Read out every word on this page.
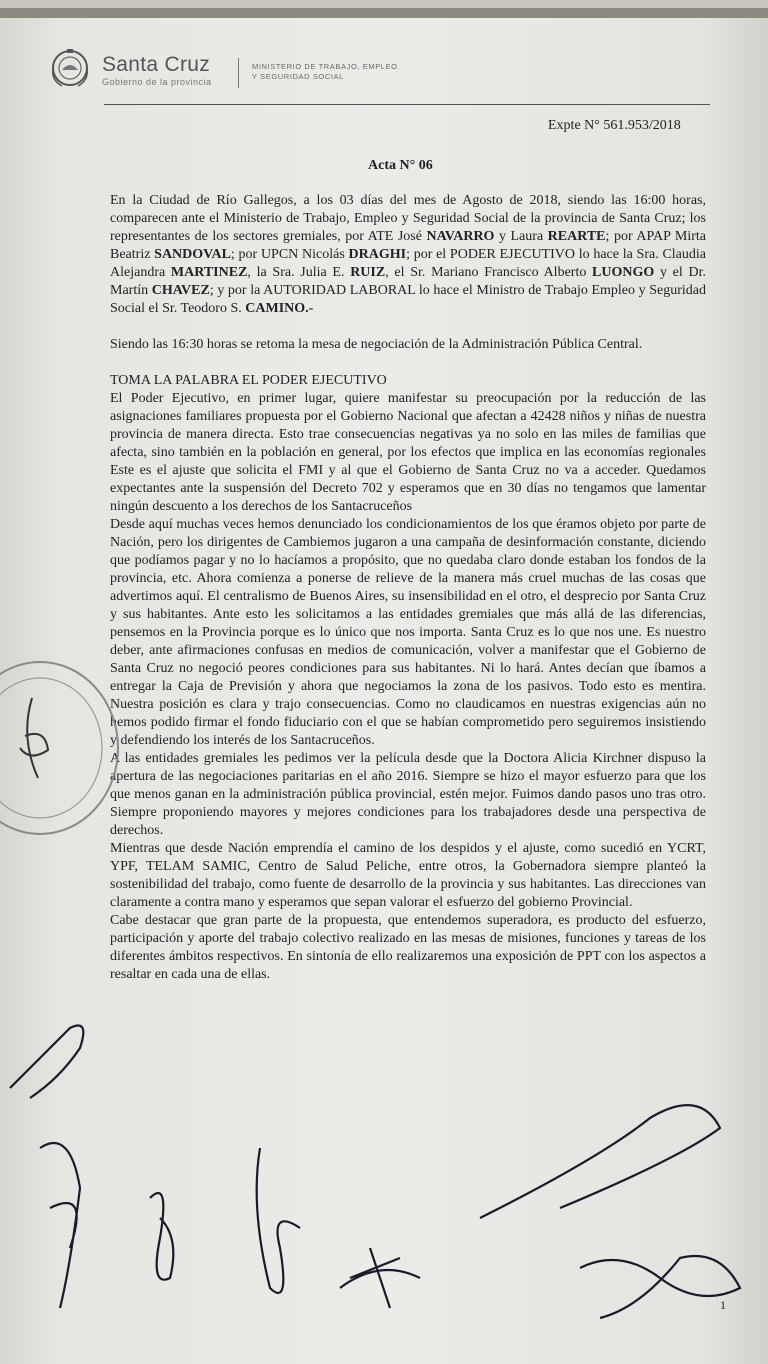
Santa Cruz
Gobierno de la provincia
MINISTERIO DE TRABAJO, EMPLEO
Y SEGURIDAD SOCIAL
Expte N° 561.953/2018
Acta N° 06

En la Ciudad de Río Gallegos, a los 03 días del mes de Agosto de 2018, siendo las 16:00 horas, comparecen ante el Ministerio de Trabajo, Empleo y Seguridad Social de la provincia de Santa Cruz; los representantes de los sectores gremiales, por ATE José NAVARRO y Laura REARTE; por APAP Mirta Beatriz SANDOVAL; por UPCN Nicolás DRAGHI; por el PODER EJECUTIVO lo hace la Sra. Claudia Alejandra MARTINEZ, la Sra. Julia E. RUIZ, el Sr. Mariano Francisco Alberto LUONGO y el Dr. Martín CHAVEZ; y por la AUTORIDAD LABORAL lo hace el Ministro de Trabajo Empleo y Seguridad Social el Sr. Teodoro S. CAMINO.-

Siendo las 16:30 horas se retoma la mesa de negociación de la Administración Pública Central.

TOMA LA PALABRA EL PODER EJECUTIVO

El Poder Ejecutivo, en primer lugar, quiere manifestar su preocupación por la reducción de las asignaciones familiares propuesta por el Gobierno Nacional que afectan a 42428 niños y niñas de nuestra provincia de manera directa. Esto trae consecuencias negativas ya no solo en las miles de familias que afecta, sino también en la población en general, por los efectos que implica en las economías regionales Este es el ajuste que solicita el FMI y al que el Gobierno de Santa Cruz no va a acceder. Quedamos expectantes ante la suspensión del Decreto 702 y esperamos que en 30 días no tengamos que lamentar ningún descuento a los derechos de los Santacruceños

Desde aquí muchas veces hemos denunciado los condicionamientos de los que éramos objeto por parte de Nación, pero los dirigentes de Cambiemos jugaron a una campaña de desinformación constante, diciendo que podíamos pagar y no lo hacíamos a propósito, que no quedaba claro donde estaban los fondos de la provincia, etc. Ahora comienza a ponerse de relieve de la manera más cruel muchas de las cosas que advertimos aquí. El centralismo de Buenos Aires, su insensibilidad en el otro, el desprecio por Santa Cruz y sus habitantes. Ante esto les solicitamos a las entidades gremiales que más allá de las diferencias, pensemos en la Provincia porque es lo único que nos importa. Santa Cruz es lo que nos une. Es nuestro deber, ante afirmaciones confusas en medios de comunicación, volver a manifestar que el Gobierno de Santa Cruz no negoció peores condiciones para sus habitantes. Ni lo hará. Antes decían que íbamos a entregar la Caja de Previsión y ahora que negociamos la zona de los pasivos. Todo esto es mentira. Nuestra posición es clara y trajo consecuencias. Como no claudicamos en nuestras exigencias aún no hemos podido firmar el fondo fiduciario con el que se habían comprometido pero seguiremos insistiendo y defendiendo los interés de los Santacruceños.

A las entidades gremiales les pedimos ver la película desde que la Doctora Alicia Kirchner dispuso la apertura de las negociaciones paritarias en el año 2016. Siempre se hizo el mayor esfuerzo para que los que menos ganan en la administración pública provincial, estén mejor. Fuimos dando pasos uno tras otro. Siempre proponiendo mayores y mejores condiciones para los trabajadores desde una perspectiva de derechos.

Mientras que desde Nación emprendía el camino de los despidos y el ajuste, como sucedió en YCRT, YPF, TELAM SAMIC, Centro de Salud Peliche, entre otros, la Gobernadora siempre planteó la sostenibilidad del trabajo, como fuente de desarrollo de la provincia y sus habitantes. Las direcciones van claramente a contra mano y esperamos que sepan valorar el esfuerzo del gobierno Provincial.

Cabe destacar que gran parte de la propuesta, que entendemos superadora, es producto del esfuerzo, participación y aporte del trabajo colectivo realizado en las mesas de misiones, funciones y tareas de los diferentes ámbitos respectivos. En sintonía de ello realizaremos una exposición de PPT con los aspectos a resaltar en cada una de ellas.

1
